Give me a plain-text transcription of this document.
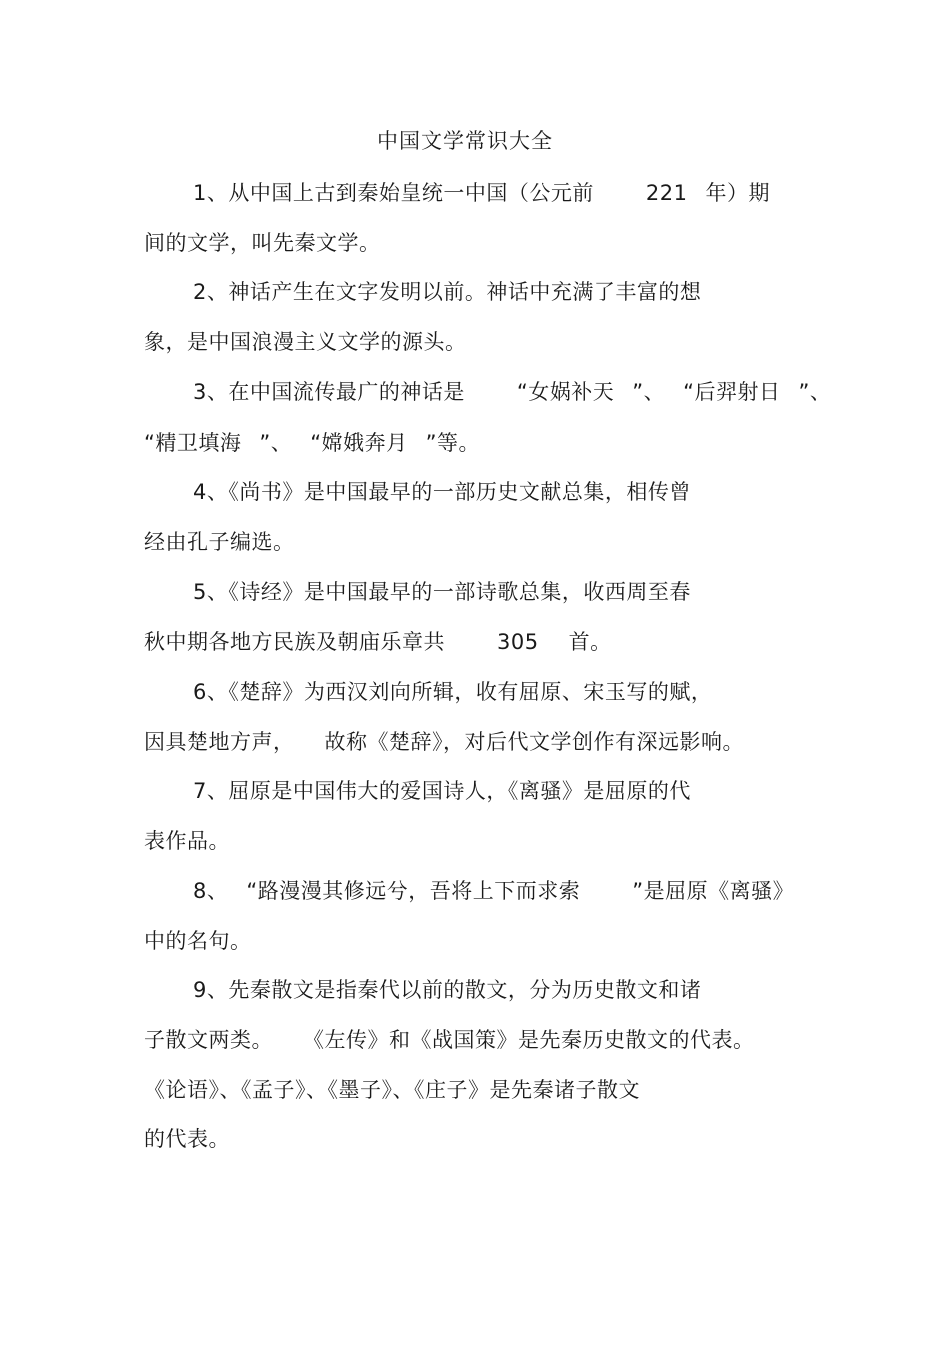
中国文学常识大全
1、从中国上古到秦始皇统一中国（公元前 221 年）期
间的文学，叫先秦文学。
2、神话产生在文字发明以前。神话中充满了丰富的想
象，是中国浪漫主义文学的源头。
3、在中国流传最广的神话是 “女娲补天 ”、 “后羿射日 ”、
“精卫填海 ”、 “嫦娥奔月 ”等。
4、《尚书》是中国最早的一部历史文献总集，相传曾
经由孔子编选。
5、《诗经》是中国最早的一部诗歌总集，收西周至春
秋中期各地方民族及朝庙乐章共 305 首。
6、《楚辞》为西汉刘向所辑，收有屈原、宋玉写的赋，
因具楚地方声， 故称《楚辞》，对后代文学创作有深远影响。
7、屈原是中国伟大的爱国诗人，《离骚》是屈原的代
表作品。
8、 “路漫漫其修远兮，吾将上下而求索 ”是屈原《离骚》
中的名句。
9、先秦散文是指秦代以前的散文，分为历史散文和诸
子散文两类。 《左传》和《战国策》是先秦历史散文的代表。
《论语》、《孟子》、《墨子》、《庄子》是先秦诸子散文
的代表。
